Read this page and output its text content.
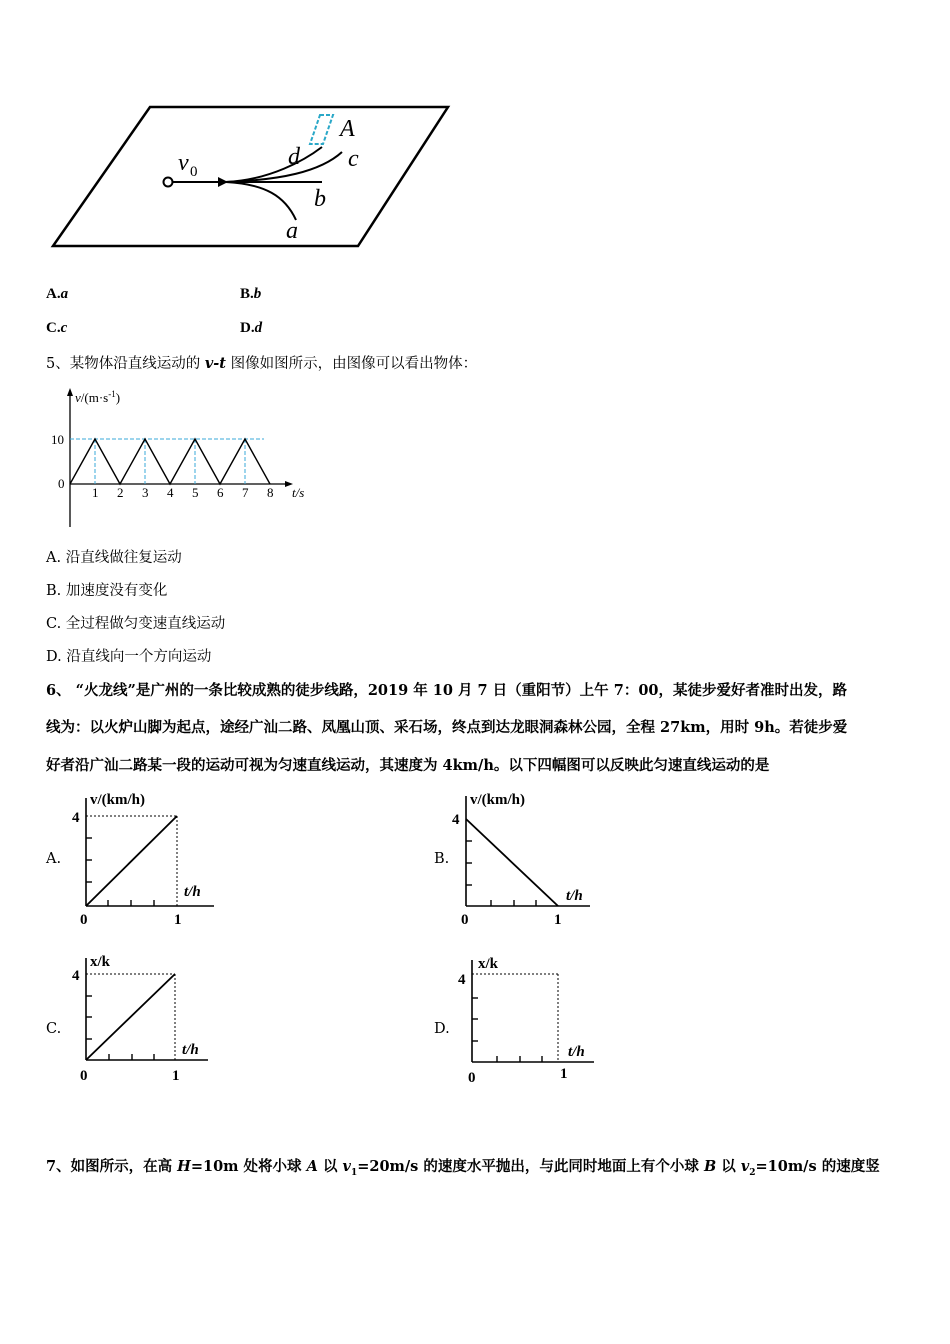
v 0
d c
A
b
a
A.a	B.b
C.c	D.d
5、某物体沿直线运动的 v-t 图像如图所示，由图像可以看出物体：
1 2 3 4 5 6 7 8
$v/(m\cdot s^{-1})$
10
0
t/s
A. 沿直线做往复运动
B. 加速度没有变化
C. 全过程做匀变速直线运动
D. 沿直线向一个方向运动
6、 “火龙线”是广州的一条比较成熟的徒步线路，2019 年 10 月 7 日（重阳节）上午 7：00，某徒步爱好者准时出发，路
线为：以火炉山脚为起点，途经广汕二路、凤凰山顶、采石场，终点到达龙眼洞森林公园，全程 27km，用时 9h。若徒步爱
好者沿广汕二路某一段的运动可视为匀速直线运动，其速度为 4km/h。以下四幅图可以反映此匀速直线运动的是
A.
v/(km/h)
4
0	1
t/h
B.
v/(km/h)
4
0	1
t/h
C.
x/k
4
0	1
t/h
D.
x/k
4
0	1
t/h
7、如图所示，在高 H=10m 处将小球 A 以 $v_1=20m/s$ 的速度水平抛出，与此同时地面上有个小球 B 以 $v_2=10m/s$ 的速度竖
